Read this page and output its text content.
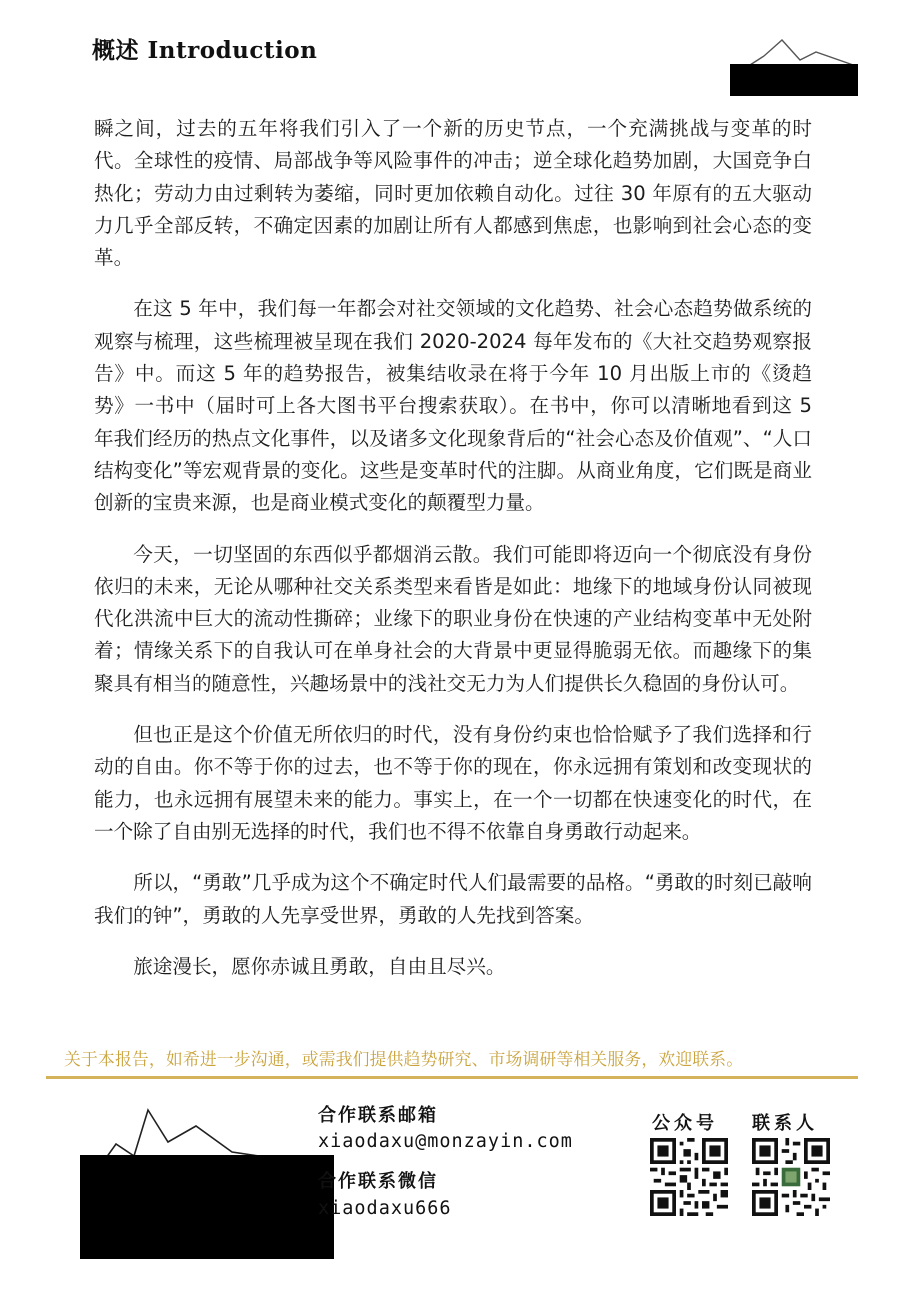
概述 Introduction

瞬之间，过去的五年将我们引入了一个新的历史节点，一个充满挑战与变革的时代。全球性的疫情、局部战争等风险事件的冲击；逆全球化趋势加剧，大国竞争白热化；劳动力由过剩转为萎缩，同时更加依赖自动化。过往 30 年原有的五大驱动力几乎全部反转，不确定因素的加剧让所有人都感到焦虑，也影响到社会心态的变革。

在这 5 年中，我们每一年都会对社交领域的文化趋势、社会心态趋势做系统的观察与梳理，这些梳理被呈现在我们 2020-2024 每年发布的《大社交趋势观察报告》中。而这 5 年的趋势报告，被集结收录在将于今年 10 月出版上市的《烫趋势》一书中（届时可上各大图书平台搜索获取）。在书中，你可以清晰地看到这 5 年我们经历的热点文化事件，以及诸多文化现象背后的“社会心态及价值观”、“人口结构变化”等宏观背景的变化。这些是变革时代的注脚。从商业角度，它们既是商业创新的宝贵来源，也是商业模式变化的颠覆型力量。

今天，一切坚固的东西似乎都烟消云散。我们可能即将迈向一个彻底没有身份依归的未来，无论从哪种社交关系类型来看皆是如此：地缘下的地域身份认同被现代化洪流中巨大的流动性撕碎；业缘下的职业身份在快速的产业结构变革中无处附着；情缘关系下的自我认可在单身社会的大背景中更显得脆弱无依。而趣缘下的集聚具有相当的随意性，兴趣场景中的浅社交无力为人们提供长久稳固的身份认可。

但也正是这个价值无所依归的时代，没有身份约束也恰恰赋予了我们选择和行动的自由。你不等于你的过去，也不等于你的现在，你永远拥有策划和改变现状的能力，也永远拥有展望未来的能力。事实上，在一个一切都在快速变化的时代，在一个除了自由别无选择的时代，我们也不得不依靠自身勇敢行动起来。

所以，“勇敢”几乎成为这个不确定时代人们最需要的品格。“勇敢的时刻已敲响我们的钟”，勇敢的人先享受世界，勇敢的人先找到答案。

旅途漫长，愿你赤诚且勇敢，自由且尽兴。

关于本报告，如希进一步沟通，或需我们提供趋势研究、市场调研等相关服务，欢迎联系。
合作联系邮箱
xiaodaxu@monzayin.com
合作联系微信
xiaodaxu666
公众号 联系人
